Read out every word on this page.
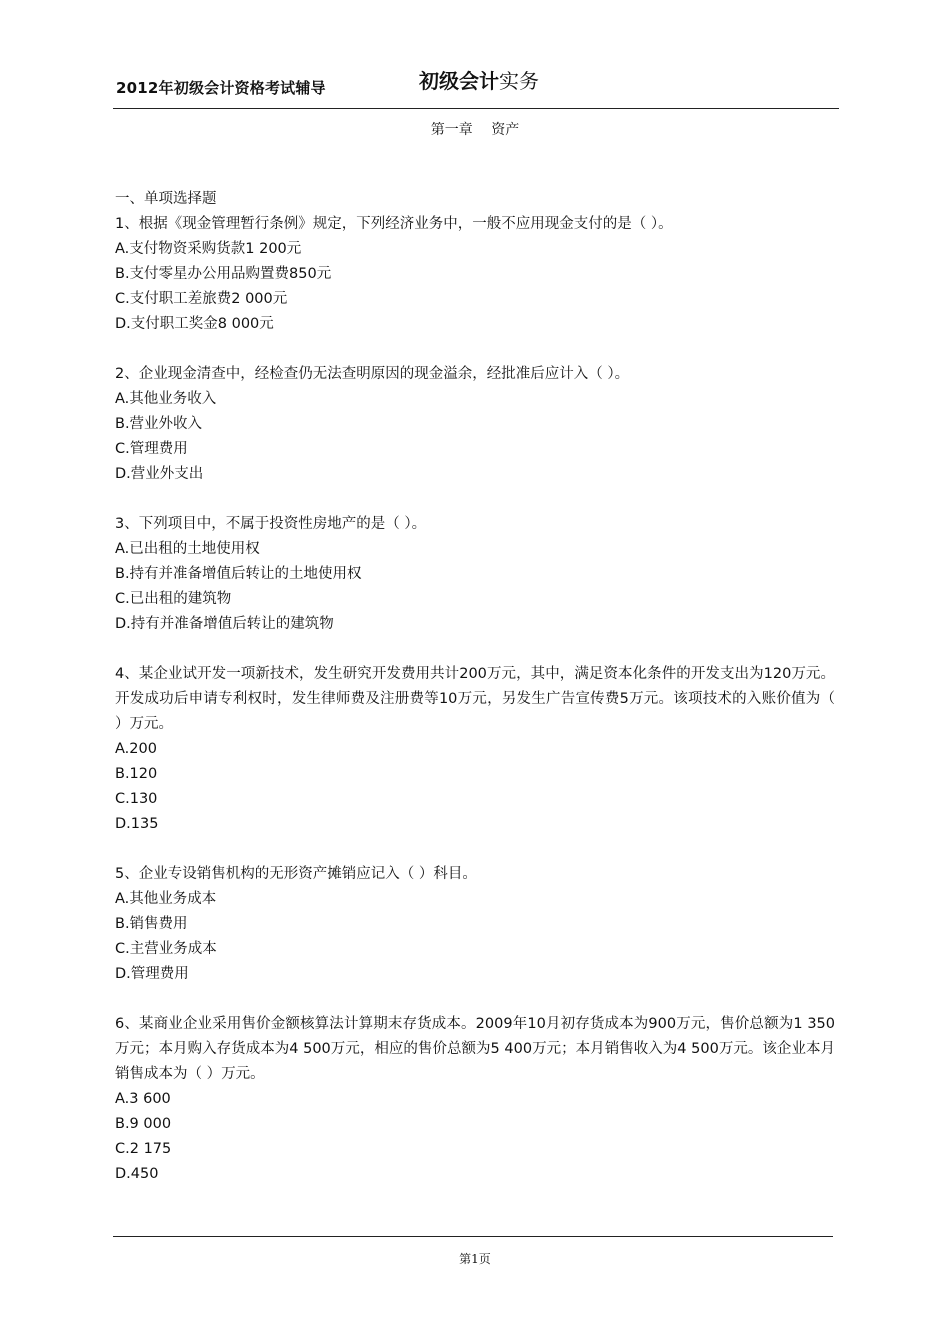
2012年初级会计资格考试辅导	初级会计实务
第一章 资产

一、单项选择题

1、根据《现金管理暂行条例》规定，下列经济业务中，一般不应用现金支付的是（ ）。

A.支付物资采购货款1 200元

B.支付零星办公用品购置费850元

C.支付职工差旅费2 000元

D.支付职工奖金8 000元

2、企业现金清查中，经检查仍无法查明原因的现金溢余，经批准后应计入（ ）。

A.其他业务收入

B.营业外收入

C.管理费用

D.营业外支出

3、下列项目中，不属于投资性房地产的是（ ）。

A.已出租的土地使用权

B.持有并准备增值后转让的土地使用权

C.已出租的建筑物

D.持有并准备增值后转让的建筑物

4、某企业试开发一项新技术，发生研究开发费用共计200万元，其中，满足资本化条件的开发支出为120万元。开发成功后申请专利权时，发生律师费及注册费等10万元，另发生广告宣传费5万元。该项技术的入账价值为（ ）万元。

A.200

B.120

C.130

D.135

5、企业专设销售机构的无形资产摊销应记入（ ）科目。

A.其他业务成本

B.销售费用

C.主营业务成本

D.管理费用

6、某商业企业采用售价金额核算法计算期末存货成本。2009年10月初存货成本为900万元，售价总额为1 350万元；本月购入存货成本为4 500万元，相应的售价总额为5 400万元；本月销售收入为4 500万元。该企业本月销售成本为（ ）万元。

A.3 600

B.9 000

C.2 175

D.450

第1页
